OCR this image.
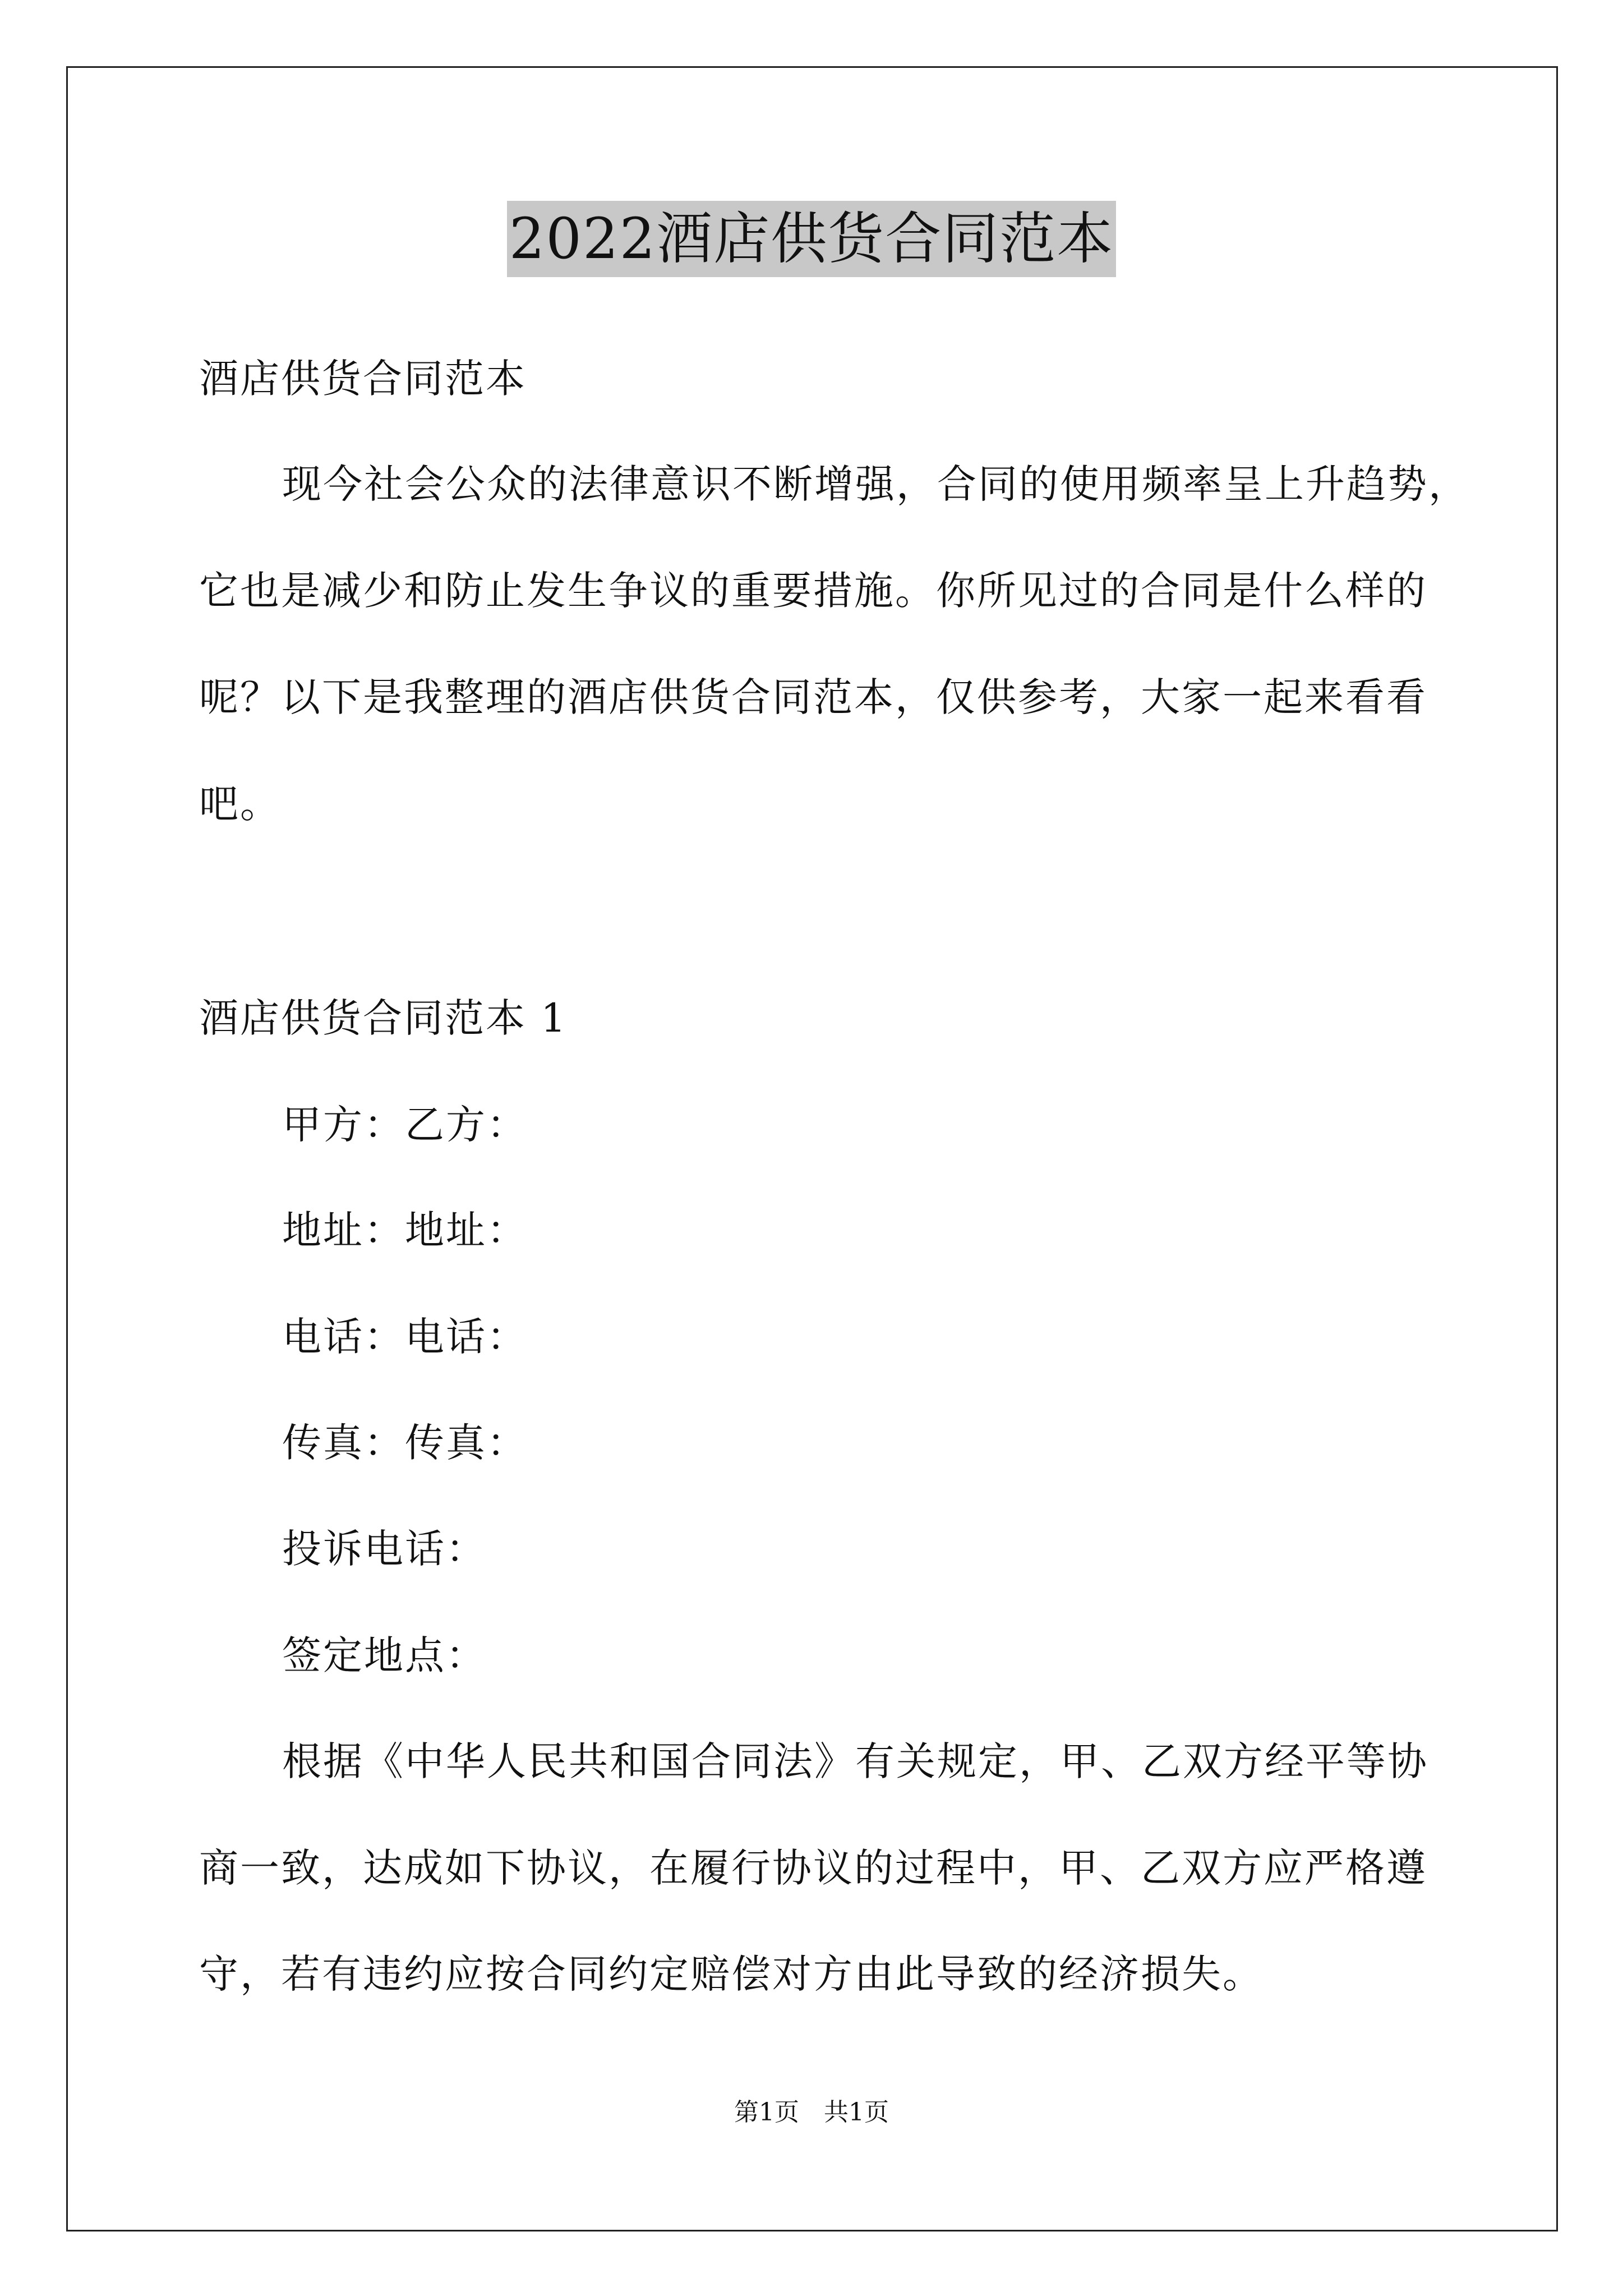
2022酒店供货合同范本
酒店供货合同范本
现今社会公众的法律意识不断增强，合同的使用频率呈上升趋势，
它也是减少和防止发生争议的重要措施。你所见过的合同是什么样的
呢？以下是我整理的酒店供货合同范本，仅供参考，大家一起来看看
吧。
酒店供货合同范本 1
甲方：乙方：
地址：地址：
电话：电话：
传真：传真：
投诉电话：
签定地点：
根据《中华人民共和国合同法》有关规定，甲、乙双方经平等协
商一致，达成如下协议，在履行协议的过程中，甲、乙双方应严格遵
守，若有违约应按合同约定赔偿对方由此导致的经济损失。
第1页　共1页
